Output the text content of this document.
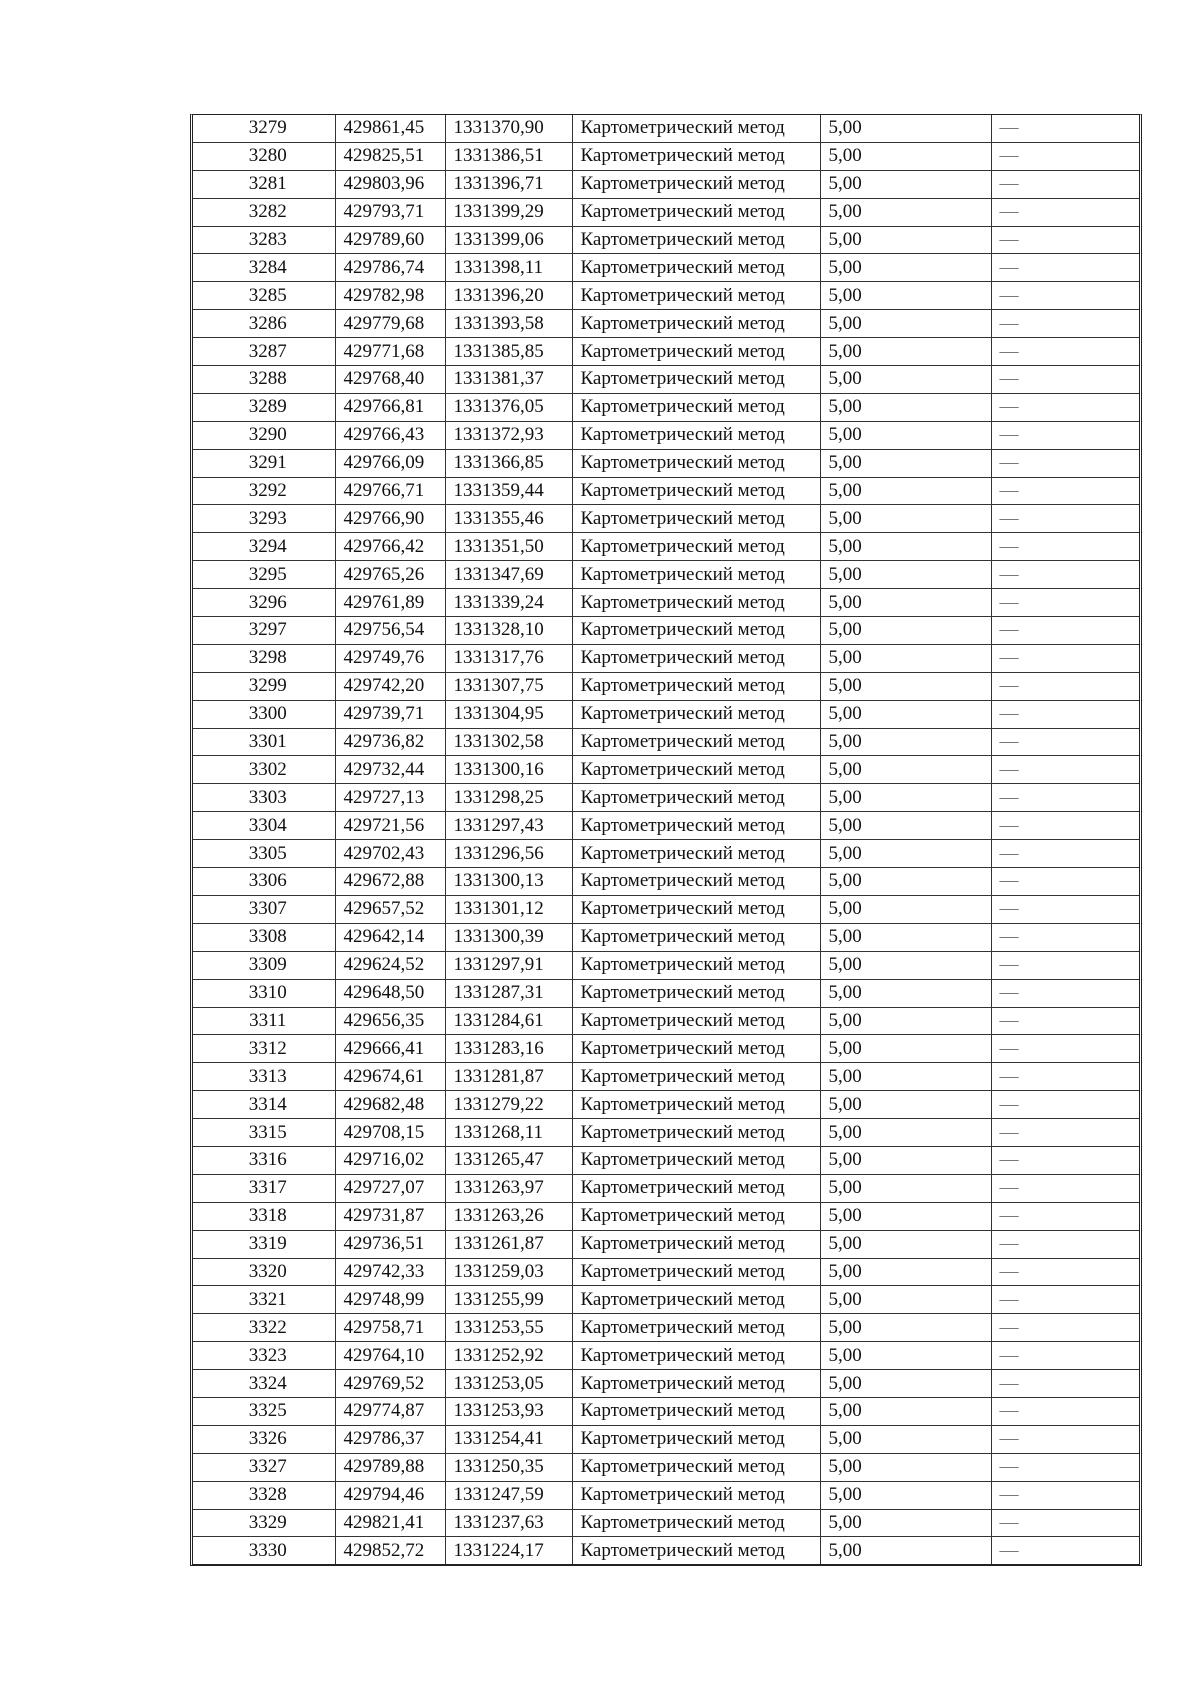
3279	429861,45	1331370,90	Картометрический метод	5,00	—
3280	429825,51	1331386,51	Картометрический метод	5,00	—
3281	429803,96	1331396,71	Картометрический метод	5,00	—
3282	429793,71	1331399,29	Картометрический метод	5,00	—
3283	429789,60	1331399,06	Картометрический метод	5,00	—
3284	429786,74	1331398,11	Картометрический метод	5,00	—
3285	429782,98	1331396,20	Картометрический метод	5,00	—
3286	429779,68	1331393,58	Картометрический метод	5,00	—
3287	429771,68	1331385,85	Картометрический метод	5,00	—
3288	429768,40	1331381,37	Картометрический метод	5,00	—
3289	429766,81	1331376,05	Картометрический метод	5,00	—
3290	429766,43	1331372,93	Картометрический метод	5,00	—
3291	429766,09	1331366,85	Картометрический метод	5,00	—
3292	429766,71	1331359,44	Картометрический метод	5,00	—
3293	429766,90	1331355,46	Картометрический метод	5,00	—
3294	429766,42	1331351,50	Картометрический метод	5,00	—
3295	429765,26	1331347,69	Картометрический метод	5,00	—
3296	429761,89	1331339,24	Картометрический метод	5,00	—
3297	429756,54	1331328,10	Картометрический метод	5,00	—
3298	429749,76	1331317,76	Картометрический метод	5,00	—
3299	429742,20	1331307,75	Картометрический метод	5,00	—
3300	429739,71	1331304,95	Картометрический метод	5,00	—
3301	429736,82	1331302,58	Картометрический метод	5,00	—
3302	429732,44	1331300,16	Картометрический метод	5,00	—
3303	429727,13	1331298,25	Картометрический метод	5,00	—
3304	429721,56	1331297,43	Картометрический метод	5,00	—
3305	429702,43	1331296,56	Картометрический метод	5,00	—
3306	429672,88	1331300,13	Картометрический метод	5,00	—
3307	429657,52	1331301,12	Картометрический метод	5,00	—
3308	429642,14	1331300,39	Картометрический метод	5,00	—
3309	429624,52	1331297,91	Картометрический метод	5,00	—
3310	429648,50	1331287,31	Картометрический метод	5,00	—
3311	429656,35	1331284,61	Картометрический метод	5,00	—
3312	429666,41	1331283,16	Картометрический метод	5,00	—
3313	429674,61	1331281,87	Картометрический метод	5,00	—
3314	429682,48	1331279,22	Картометрический метод	5,00	—
3315	429708,15	1331268,11	Картометрический метод	5,00	—
3316	429716,02	1331265,47	Картометрический метод	5,00	—
3317	429727,07	1331263,97	Картометрический метод	5,00	—
3318	429731,87	1331263,26	Картометрический метод	5,00	—
3319	429736,51	1331261,87	Картометрический метод	5,00	—
3320	429742,33	1331259,03	Картометрический метод	5,00	—
3321	429748,99	1331255,99	Картометрический метод	5,00	—
3322	429758,71	1331253,55	Картометрический метод	5,00	—
3323	429764,10	1331252,92	Картометрический метод	5,00	—
3324	429769,52	1331253,05	Картометрический метод	5,00	—
3325	429774,87	1331253,93	Картометрический метод	5,00	—
3326	429786,37	1331254,41	Картометрический метод	5,00	—
3327	429789,88	1331250,35	Картометрический метод	5,00	—
3328	429794,46	1331247,59	Картометрический метод	5,00	—
3329	429821,41	1331237,63	Картометрический метод	5,00	—
3330	429852,72	1331224,17	Картометрический метод	5,00	—
